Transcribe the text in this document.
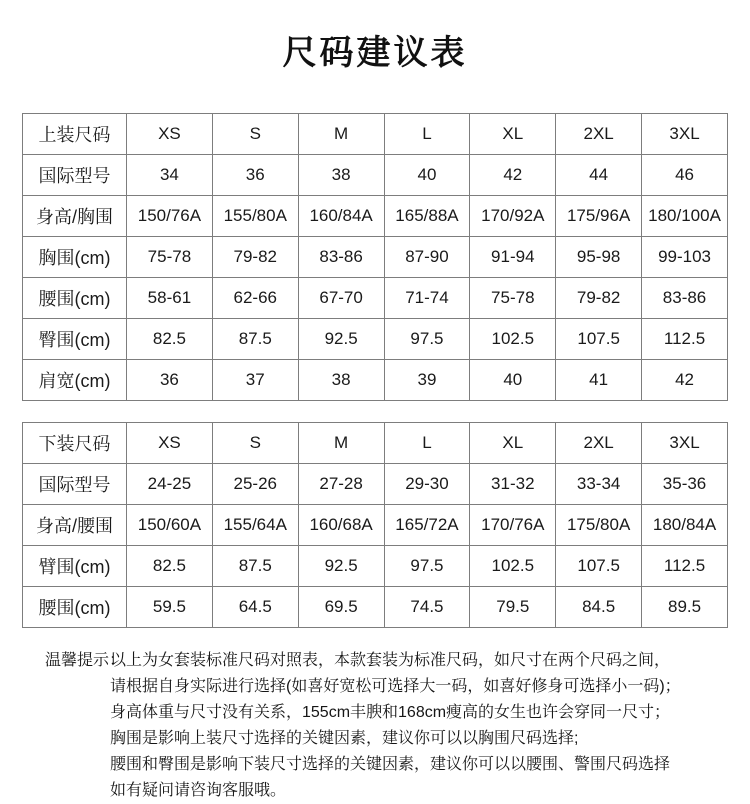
尺码建议表
上装尺码	XS	S	M	L	XL	2XL	3XL
国际型号	34	36	38	40	42	44	46
身高/胸围	150/76A	155/80A	160/84A	165/88A	170/92A	175/96A	180/100A
胸围(cm)	75-78	79-82	83-86	87-90	91-94	95-98	99-103
腰围(cm)	58-61	62-66	67-70	71-74	75-78	79-82	83-86
臀围(cm)	82.5	87.5	92.5	97.5	102.5	107.5	112.5
肩宽(cm)	36	37	38	39	40	41	42
下装尺码	XS	S	M	L	XL	2XL	3XL
国际型号	24-25	25-26	27-28	29-30	31-32	33-34	35-36
身高/腰围	150/60A	155/64A	160/68A	165/72A	170/76A	175/80A	180/84A
臂围(cm)	82.5	87.5	92.5	97.5	102.5	107.5	112.5
腰围(cm)	59.5	64.5	69.5	74.5	79.5	84.5	89.5
温馨提示：
以上为女套装标准尺码对照表，本款套装为标准尺码，如尺寸在两个尺码之间，
请根据自身实际进行选择(如喜好宽松可选择大一码，如喜好修身可选择小一码)；
身高体重与尺寸没有关系，155cm丰腴和168cm瘦高的女生也许会穿同一尺寸；
胸围是影响上装尺寸选择的关键因素，建议你可以以胸围尺码选择;
腰围和臀围是影响下装尺寸选择的关键因素，建议你可以以腰围、警围尺码选择
如有疑问请咨询客服哦。
